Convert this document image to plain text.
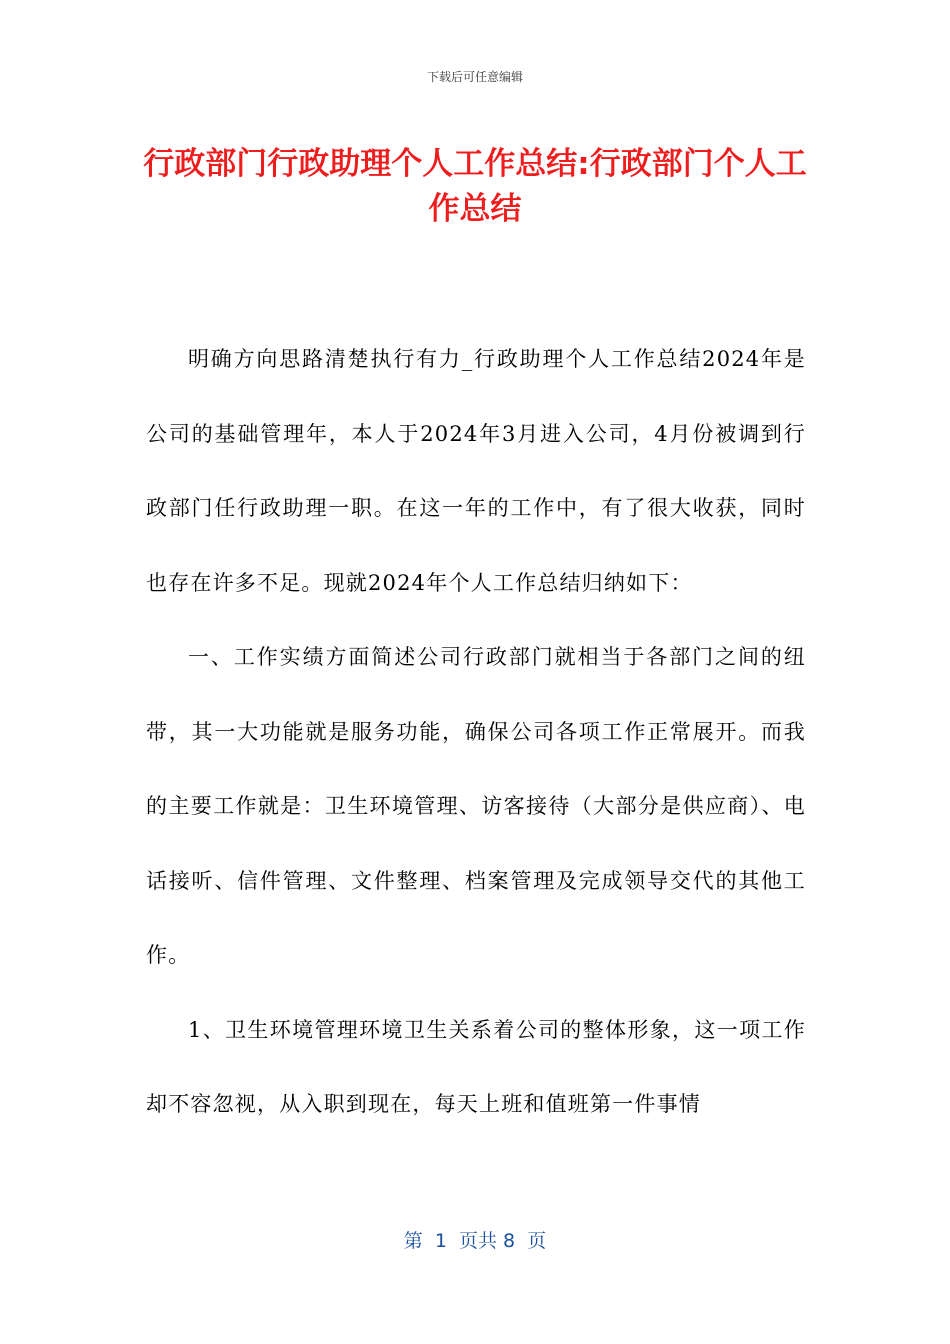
下载后可任意编辑
行政部门行政助理个人工作总结:行政部门个人工作总结

明确方向思路清楚执行有力_行政助理个人工作总结2024年是公司的基础管理年，本人于2024年3月进入公司，4月份被调到行政部门任行政助理一职。在这一年的工作中，有了很大收获，同时也存在许多不足。现就2024年个人工作总结归纳如下：

一、工作实绩方面简述公司行政部门就相当于各部门之间的纽带，其一大功能就是服务功能，确保公司各项工作正常展开。而我的主要工作就是：卫生环境管理、访客接待（大部分是供应商）、电话接听、信件管理、文件整理、档案管理及完成领导交代的其他工作。

1、卫生环境管理环境卫生关系着公司的整体形象，这一项工作却不容忽视，从入职到现在，每天上班和值班第一件事情

第  1  页共 8  页
